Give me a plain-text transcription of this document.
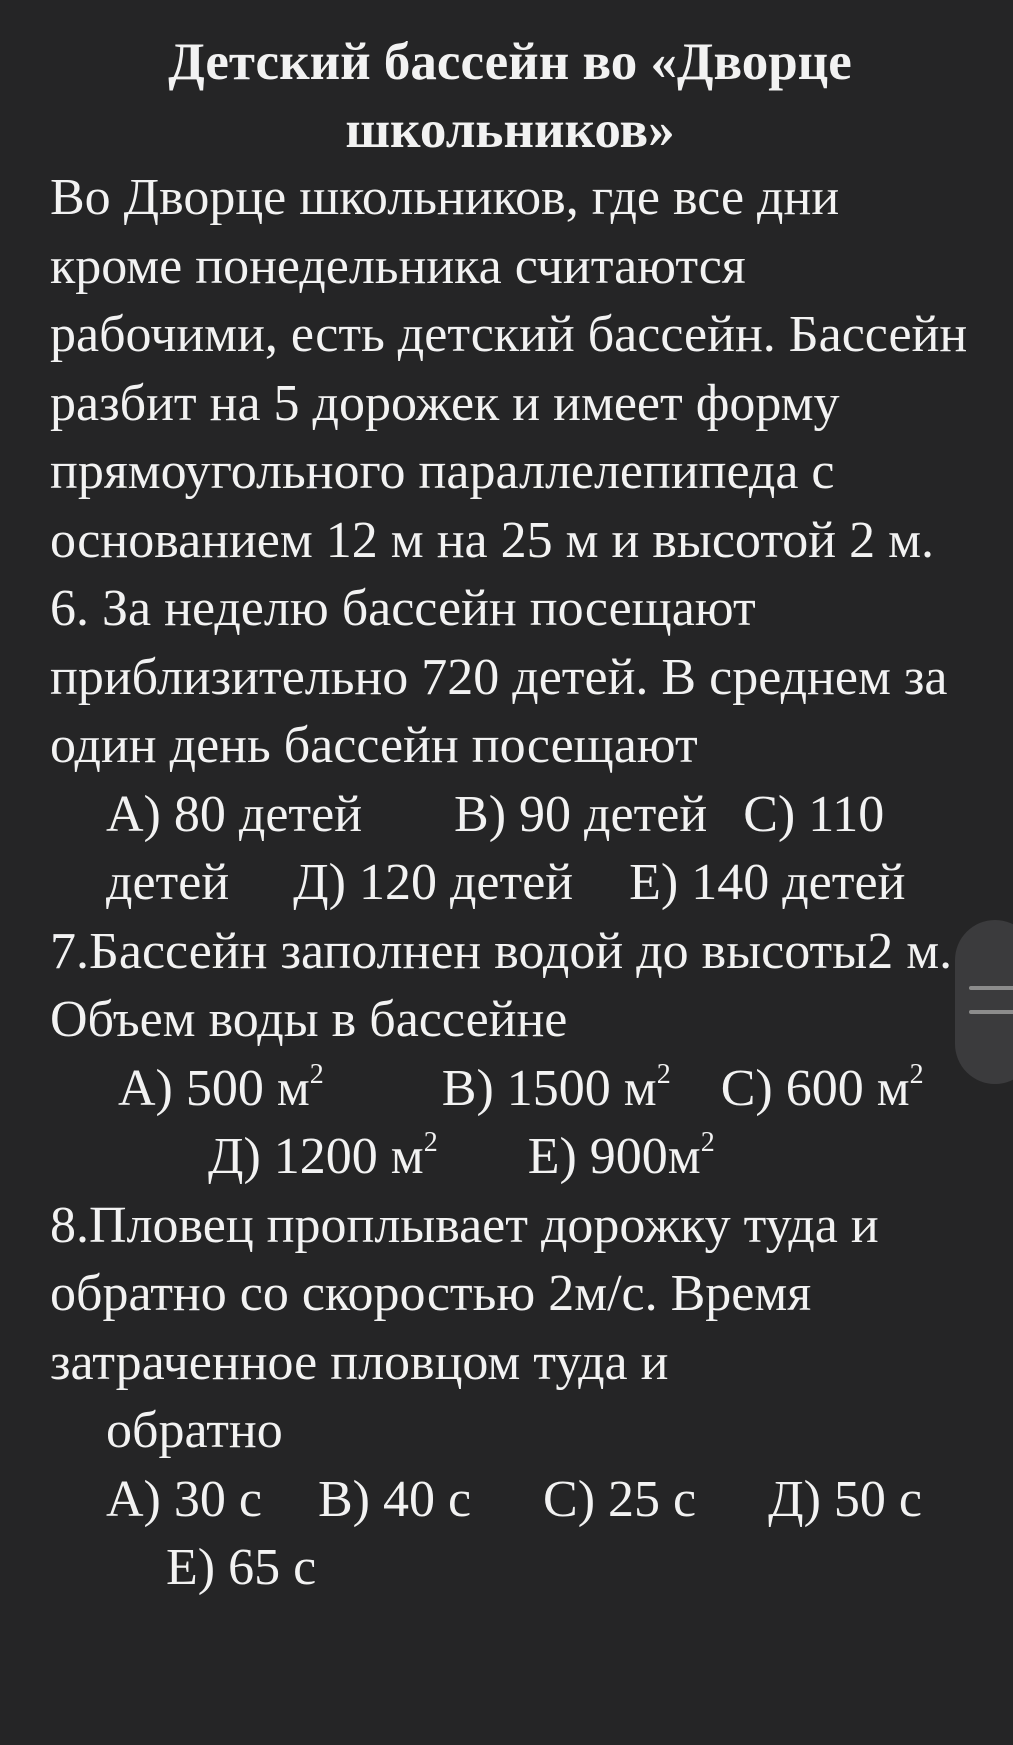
Детский бассейн во «Дворце школьников»

Во Дворце школьников, где все дни кроме понедельника считаются рабочими, есть детский бассейн. Бассейн разбит на 5 дорожек и имеет форму прямоугольного параллелепипеда с основанием 12 м на 25 м и высотой 2 м.

6. За неделю бассейн посещают приблизительно 720 детей. В среднем за один день бассейн посещают

А) 80 детей В) 90 детей С) 110 детей Д) 120 детей Е) 140 детей

7.Бассейн заполнен водой до высоты2 м. Объем воды в бассейне

А) 500 $м^2$ В) 1500 $м^2$ С) 600 $м^2Д$) 1200 $м^2$ Е) $900м^2$

8.Пловец проплывает дорожку туда и обратно со скоростью 2м/с. Время затраченное пловцом туда и

обратно

А) 30 с В) 40 с С) 25 с Д) 50 сЕ) 65 с
